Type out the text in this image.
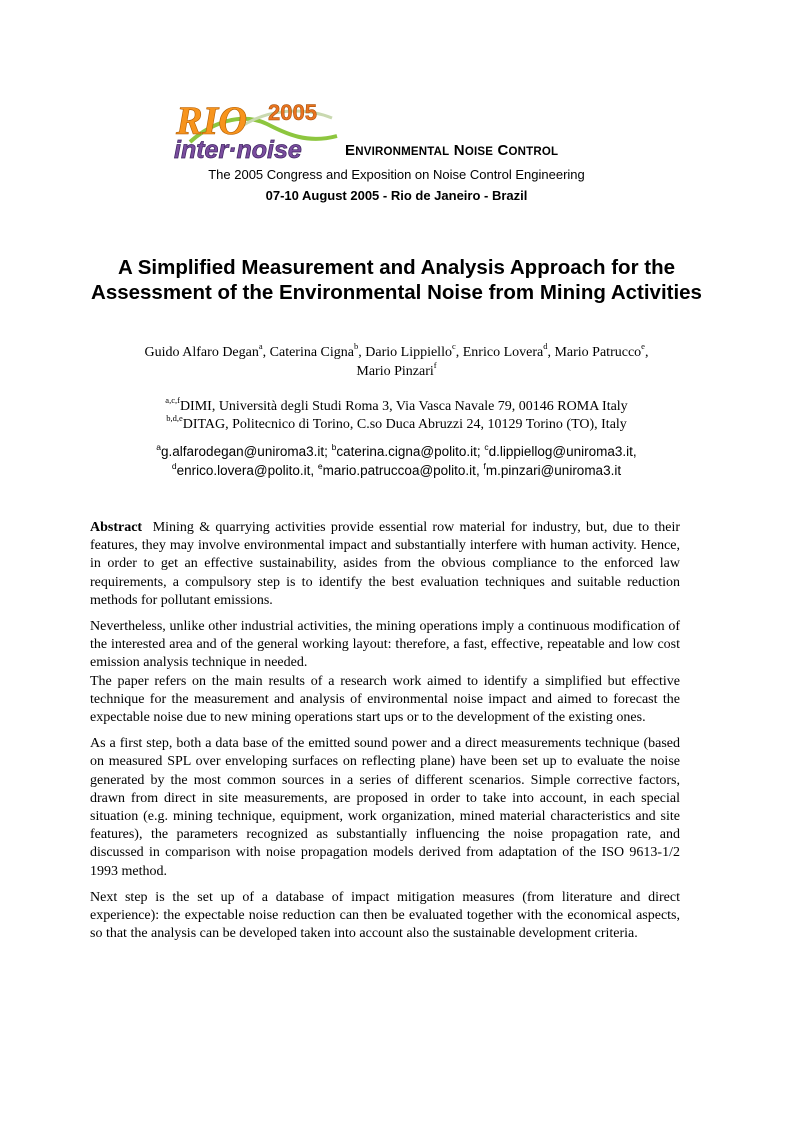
RIO 2005
inter·noise	ENVIRONMENTAL NOISE CONTROL
The 2005 Congress and Exposition on Noise Control Engineering
07-10 August 2005 - Rio de Janeiro - Brazil
A Simplified Measurement and Analysis Approach for the Assessment of the Environmental Noise from Mining Activities
Guido Alfaro Degan$^a$, Caterina Cigna$^b$, Dario Lippiello$^c$, Enrico Lovera$^d$, Mario Patrucco$^e$,
Mario Pinzari$^f$
$^{a,c,f}$DIMI, Università degli Studi Roma 3, Via Vasca Navale 79, 00146 ROMA Italy
$^{b,d,e}$DITAG, Politecnico di Torino, C.so Duca Abruzzi 24, 10129 Torino (TO), Italy
$^a$g.alfarodegan@uniroma3.it; $^b$caterina.cigna@polito.it; $^c$d.lippiellog@uniroma3.it,
$^d$enrico.lovera@polito.it, $^e$mario.patruccoa@polito.it, $^f$m.pinzari@uniroma3.it

Abstract Mining & quarrying activities provide essential row material for industry, but, due to their features, they may involve environmental impact and substantially interfere with human activity. Hence, in order to get an effective sustainability, asides from the obvious compliance to the enforced law requirements, a compulsory step is to identify the best evaluation techniques and suitable reduction methods for pollutant emissions.

Nevertheless, unlike other industrial activities, the mining operations imply a continuous modification of the interested area and of the general working layout: therefore, a fast, effective, repeatable and low cost emission analysis technique in needed.

The paper refers on the main results of a research work aimed to identify a simplified but effective technique for the measurement and analysis of environmental noise impact and aimed to forecast the expectable noise due to new mining operations start ups or to the development of the existing ones.

As a first step, both a data base of the emitted sound power and a direct measurements technique (based on measured SPL over enveloping surfaces on reflecting plane) have been set up to evaluate the noise generated by the most common sources in a series of different scenarios. Simple corrective factors, drawn from direct in site measurements, are proposed in order to take into account, in each special situation (e.g. mining technique, equipment, work organization, mined material characteristics and site features), the parameters recognized as substantially influencing the noise propagation rate, and discussed in comparison with noise propagation models derived from adaptation of the ISO 9613-1/2 1993 method.

Next step is the set up of a database of impact mitigation measures (from literature and direct experience): the expectable noise reduction can then be evaluated together with the economical aspects, so that the analysis can be developed taken into account also the sustainable development criteria.
